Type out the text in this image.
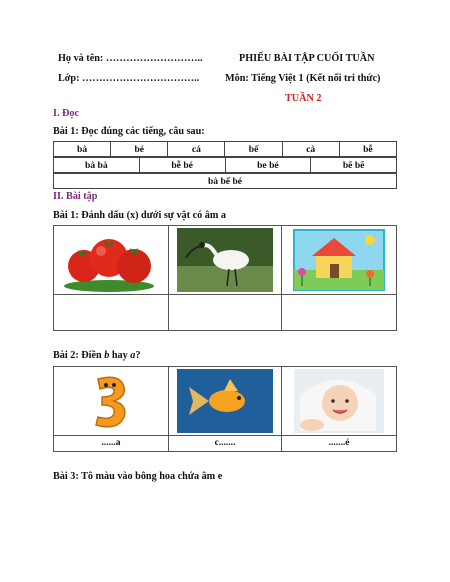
Họ và tên: ………………………..
Lớp: ……………………………..
PHIẾU BÀI TẬP CUỐI TUẦN
Môn: Tiếng Việt 1 (Kết nối tri thức)
TUẦN 2
I. Đọc
Bài 1: Đọc đúng các tiếng, câu sau:
bà	bé	cá	bế	cà	bễ
bà bà	bễ bé	be bé	bẽ bẽ
bà bế bé
II. Bài tập
Bài 1: Đánh dấu (x) dưới sự vật có âm a
Bài 2: Điền b hay a?
......a	c.......	.......é
Bài 3: Tô màu vào bông hoa chứa âm e
